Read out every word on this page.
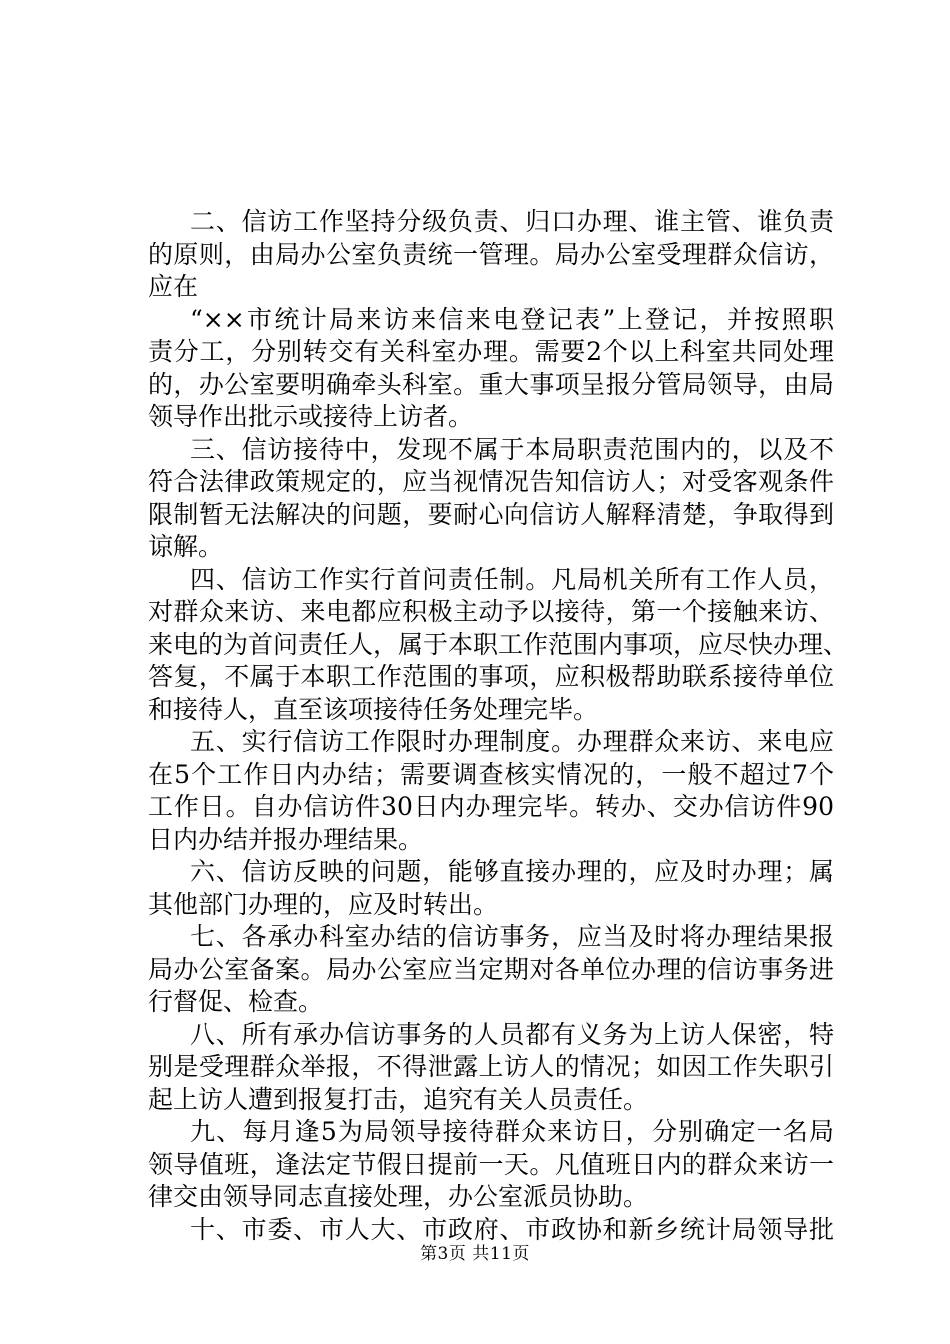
二、信访工作坚持分级负责、归口办理、谁主管、谁负责
的原则，由局办公室负责统一管理。局办公室受理群众信访，
应在
“××市统计局来访来信来电登记表”上登记，并按照职
责分工，分别转交有关科室办理。需要2个以上科室共同处理
的，办公室要明确牵头科室。重大事项呈报分管局领导，由局
领导作出批示或接待上访者。
三、信访接待中，发现不属于本局职责范围内的，以及不
符合法律政策规定的，应当视情况告知信访人；对受客观条件
限制暂无法解决的问题，要耐心向信访人解释清楚，争取得到
谅解。
四、信访工作实行首问责任制。凡局机关所有工作人员，
对群众来访、来电都应积极主动予以接待，第一个接触来访、
来电的为首问责任人，属于本职工作范围内事项，应尽快办理、
答复，不属于本职工作范围的事项，应积极帮助联系接待单位
和接待人，直至该项接待任务处理完毕。
五、实行信访工作限时办理制度。办理群众来访、来电应
在5个工作日内办结；需要调查核实情况的，一般不超过7个
工作日。自办信访件30日内办理完毕。转办、交办信访件90
日内办结并报办理结果。
六、信访反映的问题，能够直接办理的，应及时办理；属
其他部门办理的，应及时转出。
七、各承办科室办结的信访事务，应当及时将办理结果报
局办公室备案。局办公室应当定期对各单位办理的信访事务进
行督促、检查。
八、所有承办信访事务的人员都有义务为上访人保密，特
别是受理群众举报，不得泄露上访人的情况；如因工作失职引
起上访人遭到报复打击，追究有关人员责任。
九、每月逢5为局领导接待群众来访日，分别确定一名局
领导值班，逢法定节假日提前一天。凡值班日内的群众来访一
律交由领导同志直接处理，办公室派员协助。
十、市委、市人大、市政府、市政协和新乡统计局领导批
第3页 共11页
